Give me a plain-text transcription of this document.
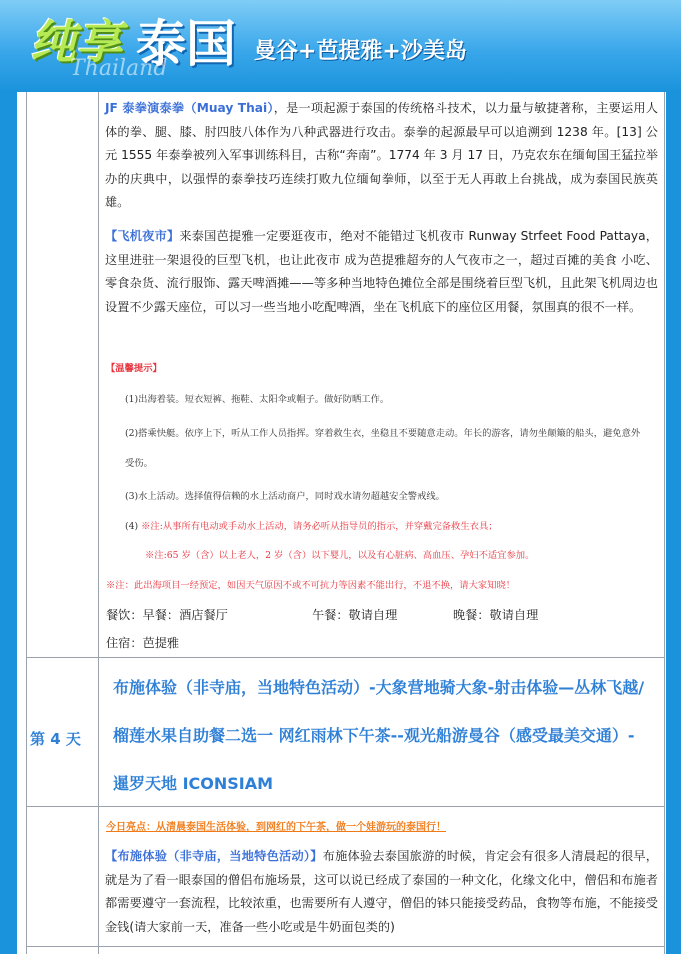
纯享 泰国
Thailand
曼谷+芭提雅+沙美岛
JF 泰拳演泰拳（Muay Thai），是一项起源于泰国的传统格斗技术，以力量与敏捷著称，主要运用人体的拳、腿、膝、肘四肢八体作为八种武器进行攻击。泰拳的起源最早可以追溯到 1238 年。[13] 公元 1555 年泰拳被列入军事训练科目，古称“奔南”。1774 年 3 月 17 日，乃克农东在缅甸国王猛拉举办的庆典中，以强悍的泰拳技巧连续打败九位缅甸拳师，以至于无人再敢上台挑战，成为泰国民族英雄。
【飞机夜市】来泰国芭提雅一定要逛夜市，绝对不能错过飞机夜市 Runway Strfeet Food Pattaya，这里进驻一架退役的巨型飞机，也让此夜市 成为芭提雅超夯的人气夜市之一，超过百摊的美食 小吃、零食杂货、流行服饰、露天啤酒摊——等多种当地特色摊位全部是围绕着巨型飞机，且此架飞机周边也设置不少露天座位，可以习一些当地小吃配啤酒，坐在飞机底下的座位区用餐，氛围真的很不一样。
【温馨提示】
(1)出海着装。短衣短裤、拖鞋、太阳伞或帽子。做好防晒工作。
(2)搭乘快艇。依序上下，听从工作人员指挥。穿着救生衣，坐稳且不要随意走动。年长的游客，请勿坐颠簸的船头，避免意外
受伤。
(3)水上活动。选择值得信赖的水上活动商户，同时戏水请勿超越安全警戒线。
(4) ※注:从事所有电动或手动水上活动，请务必听从指导员的指示，并穿戴完备救生衣具；
※注:65 岁（含）以上老人，2 岁（含）以下婴儿，以及有心脏病、高血压、孕妇不适宜参加。
※注：此出海项目一经预定，如因天气原因不或不可抗力等因素不能出行，不退不换，请大家知晓！
餐饮：早餐：酒店餐厅	午餐：敬请自理	晚餐：敬请自理
住宿：芭提雅
第 4 天
布施体验（非寺庙，当地特色活动）-大象营地骑大象-射击体验—丛林飞越/
榴莲水果自助餐二选一 网红雨林下午茶--观光船游曼谷（感受最美交通）-
暹罗天地 ICONSIAM
今日亮点：从清晨泰国生活体验，到网红的下午茶，做一个娃游玩的泰国行！
【布施体验（非寺庙，当地特色活动）】布施体验去泰国旅游的时候，肯定会有很多人清晨起的很早，就是为了看一眼泰国的僧侣布施场景，这可以说已经成了泰国的一种文化，化缘文化中，僧侣和布施者都需要遵守一套流程，比较浓重，也需要所有人遵守，僧侣的钵只能接受药品，食物等布施，不能接受金钱(请大家前一天，准备一些小吃或是牛奶面包类的)
